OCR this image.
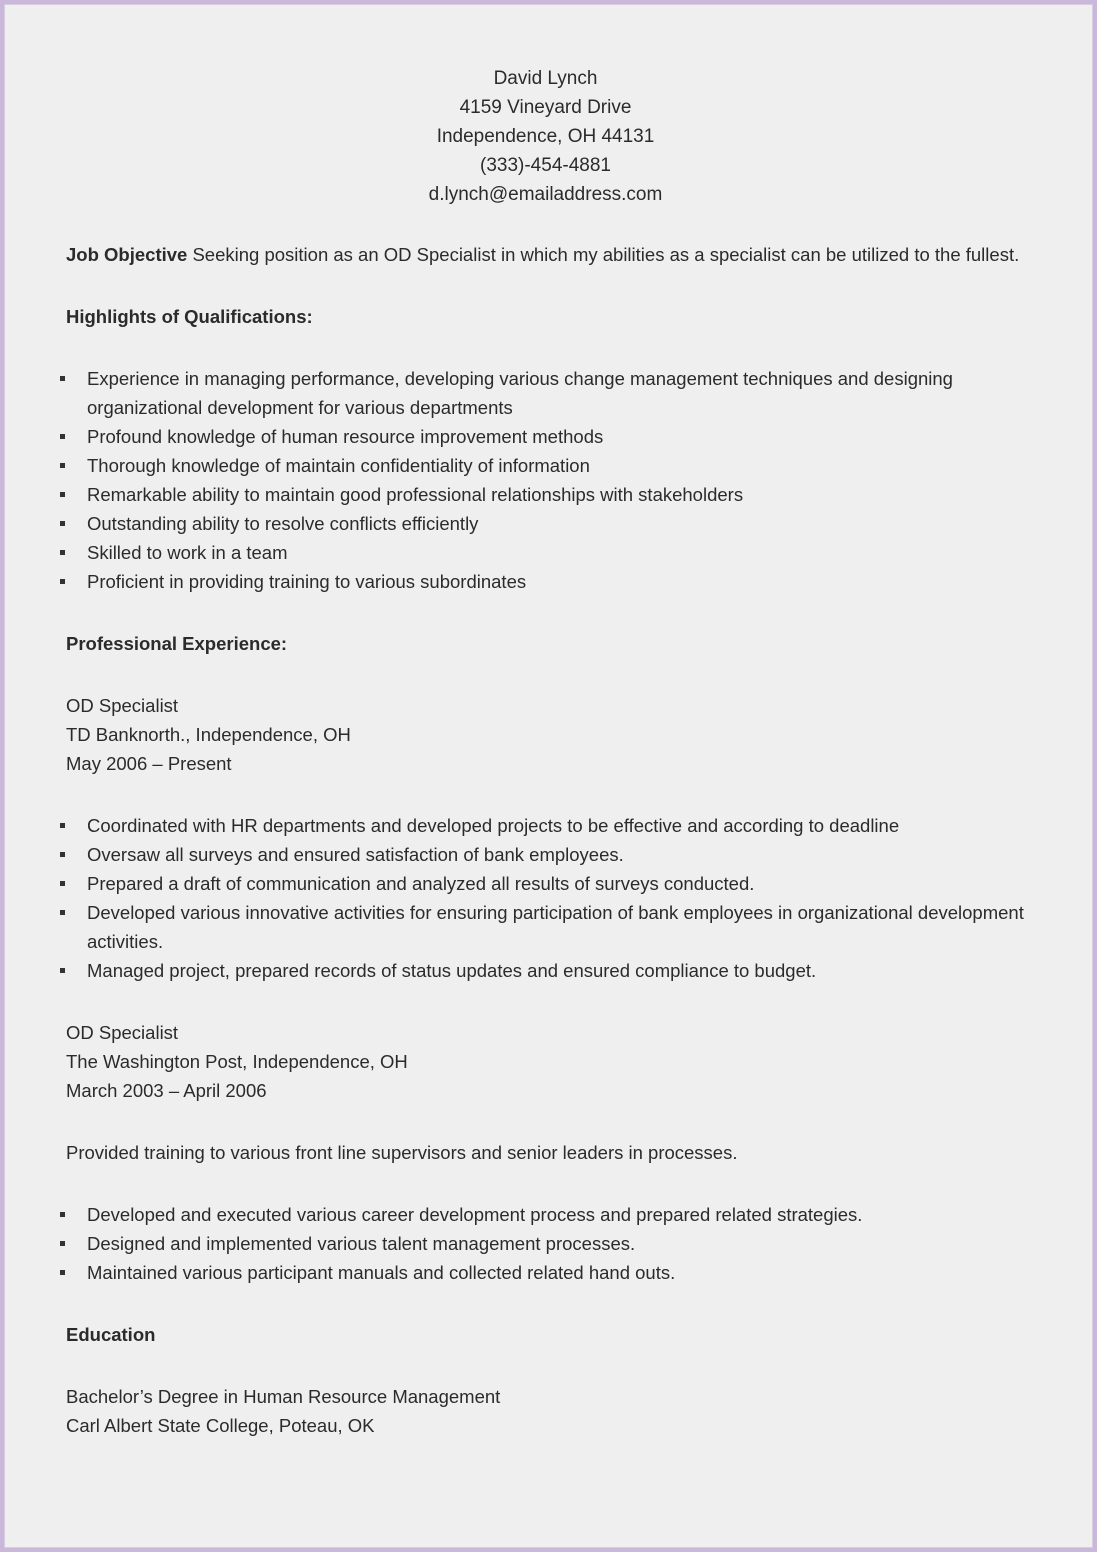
David Lynch
4159 Vineyard Drive
Independence, OH 44131
(333)-454-4881
d.lynch@emailaddress.com

Job Objective Seeking position as an OD Specialist in which my abilities as a specialist can be utilized to the fullest.

Highlights of Qualifications:

Experience in managing performance, developing various change management techniques and designing organizational development for various departments
Profound knowledge of human resource improvement methods
Thorough knowledge of maintain confidentiality of information
Remarkable ability to maintain good professional relationships with stakeholders
Outstanding ability to resolve conflicts efficiently
Skilled to work in a team
Proficient in providing training to various subordinates

Professional Experience:

OD Specialist

TD Banknorth., Independence, OH

May 2006 – Present

Coordinated with HR departments and developed projects to be effective and according to deadline
Oversaw all surveys and ensured satisfaction of bank employees.
Prepared a draft of communication and analyzed all results of surveys conducted.
Developed various innovative activities for ensuring participation of bank employees in organizational development activities.
Managed project, prepared records of status updates and ensured compliance to budget.

OD Specialist

The Washington Post, Independence, OH

March 2003 – April 2006

Provided training to various front line supervisors and senior leaders in processes.

Developed and executed various career development process and prepared related strategies.
Designed and implemented various talent management processes.
Maintained various participant manuals and collected related hand outs.

Education

Bachelor’s Degree in Human Resource Management

Carl Albert State College, Poteau, OK
